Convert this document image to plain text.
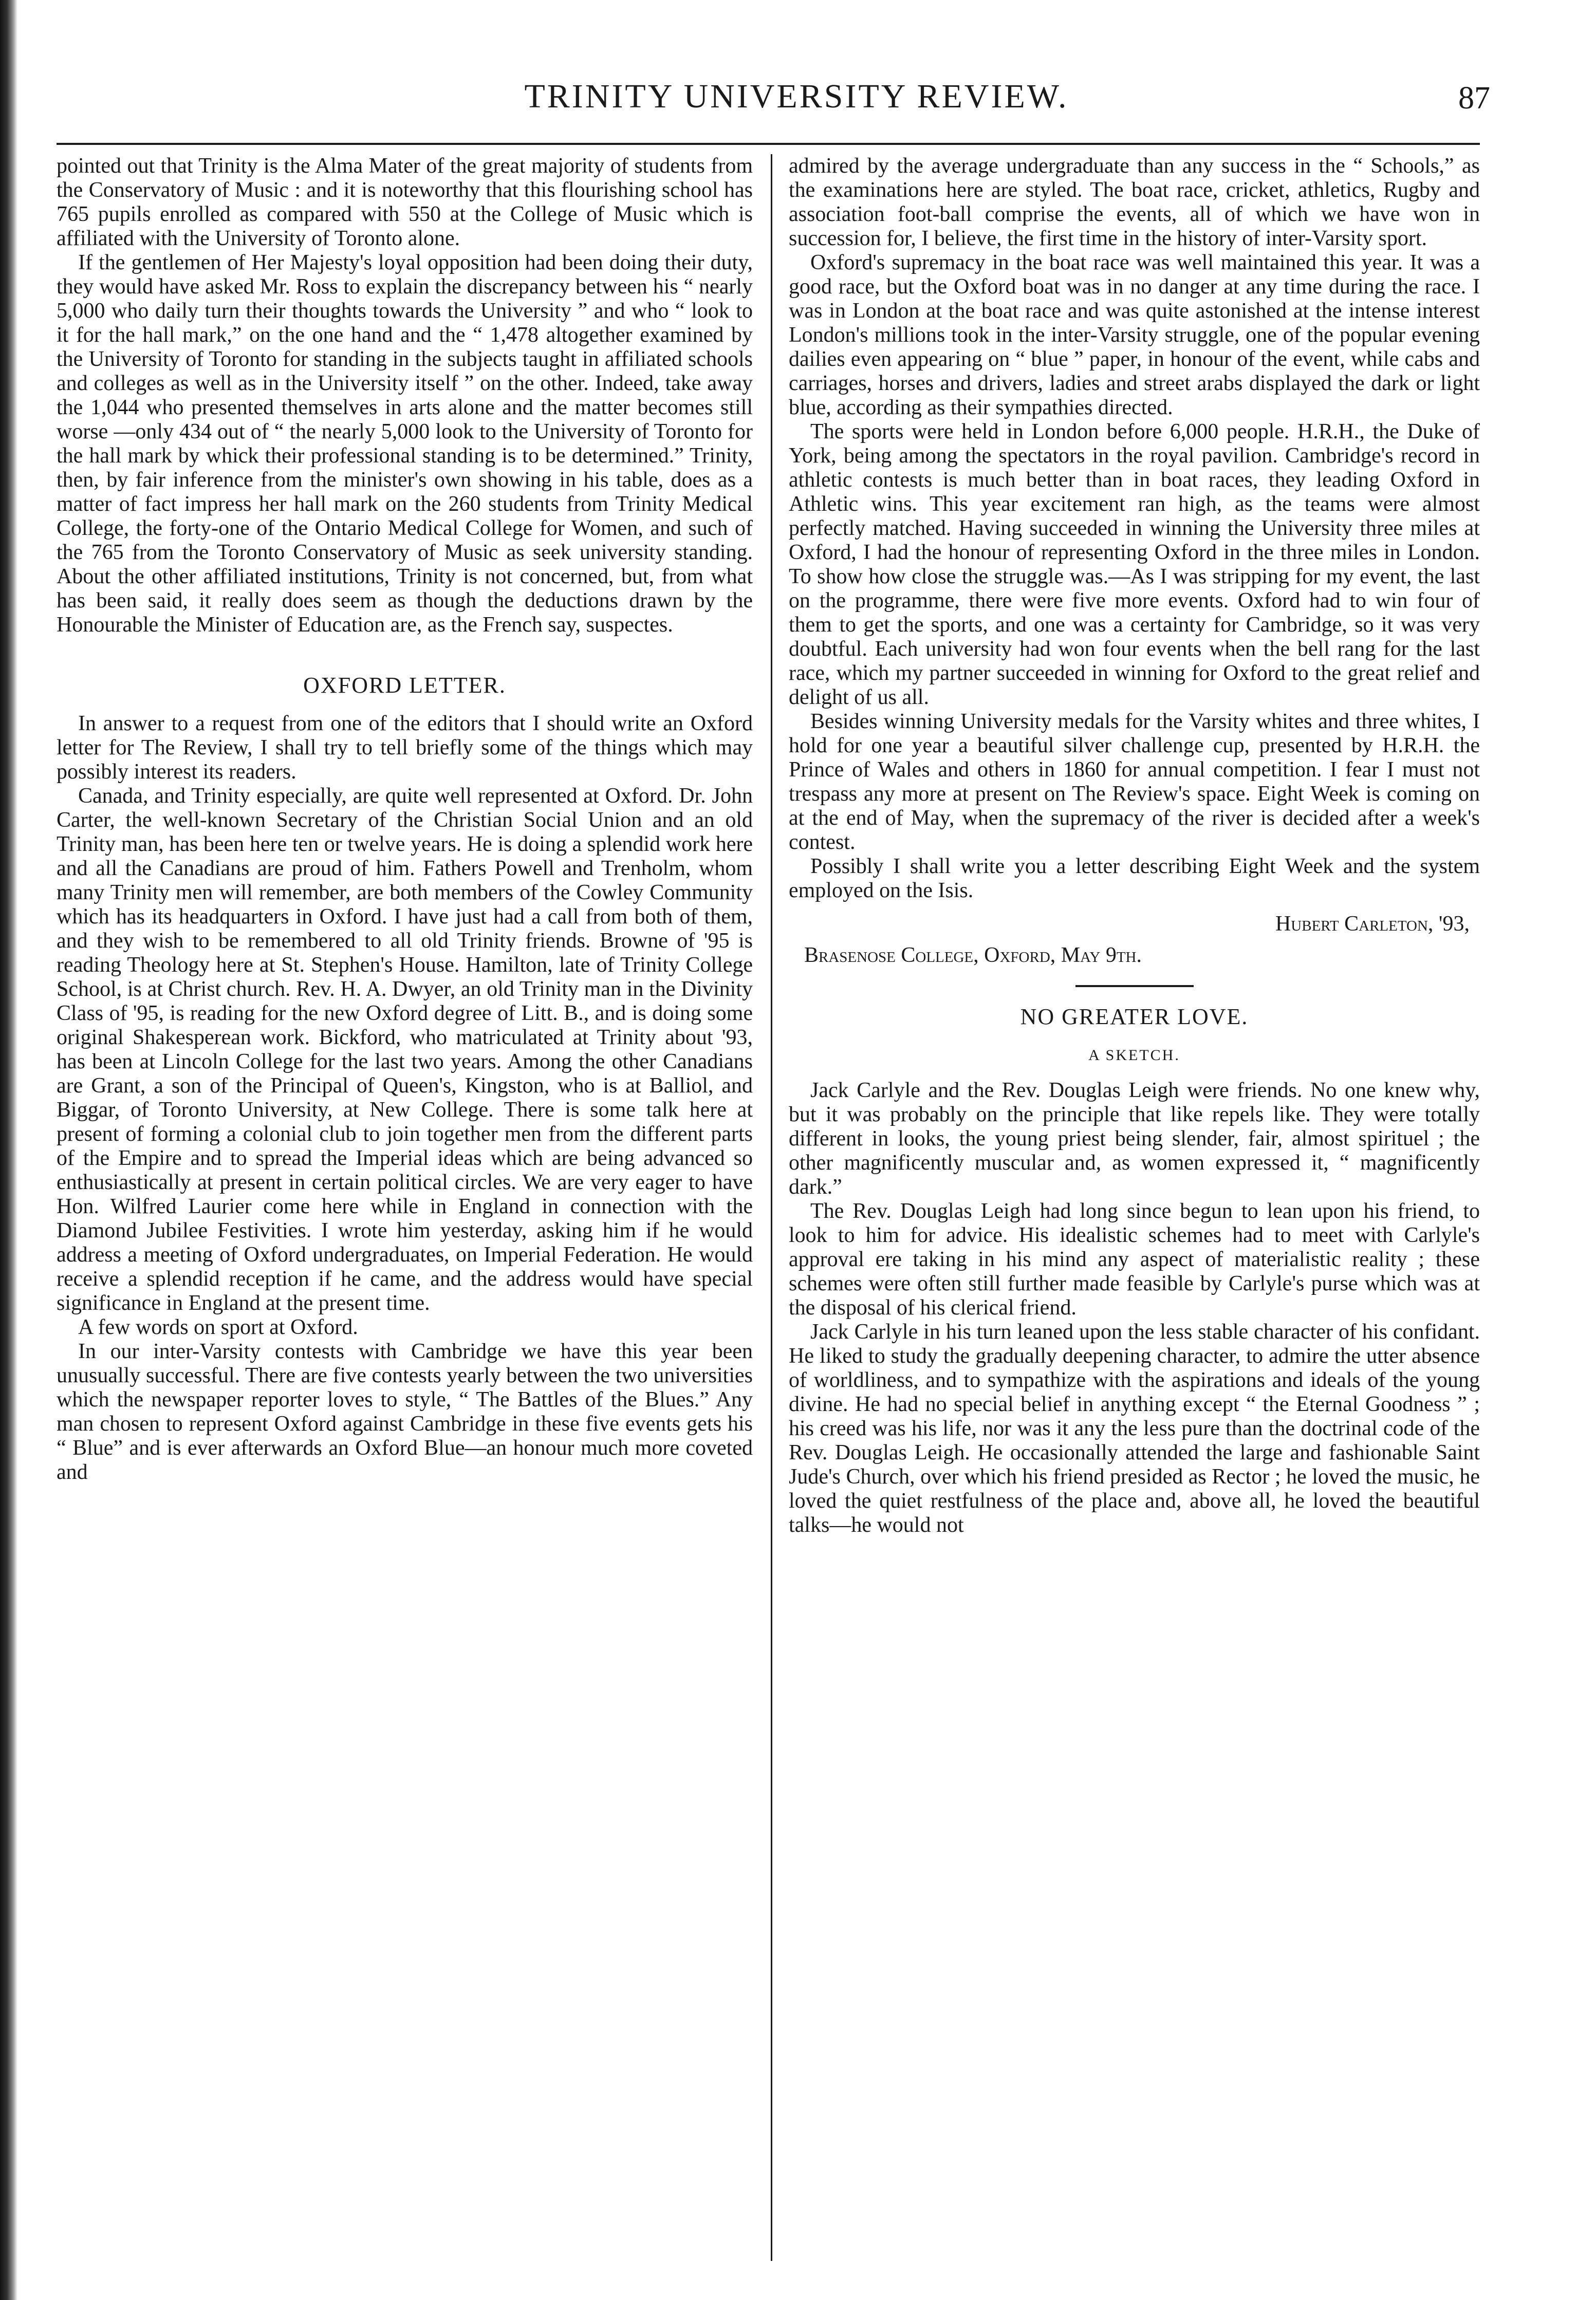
TRINITY UNIVERSITY REVIEW.	87

pointed out that Trinity is the Alma Mater of the great majority of students from the Conservatory of Music : and it is noteworthy that this flourishing school has 765 pupils enrolled as compared with 550 at the College of Music which is affiliated with the University of Toronto alone.

If the gentlemen of Her Majesty's loyal opposition had been doing their duty, they would have asked Mr. Ross to explain the discrepancy between his “ nearly 5,000 who daily turn their thoughts towards the University ” and who “ look to it for the hall mark,” on the one hand and the “ 1,478 altogether examined by the University of Toronto for standing in the subjects taught in affiliated schools and colleges as well as in the University itself ” on the other. Indeed, take away the 1,044 who presented themselves in arts alone and the matter becomes still worse —only 434 out of “ the nearly 5,000 look to the University of Toronto for the hall mark by whick their professional standing is to be determined.” Trinity, then, by fair inference from the minister's own showing in his table, does as a matter of fact impress her hall mark on the 260 students from Trinity Medical College, the forty-one of the Ontario Medical College for Women, and such of the 765 from the Toronto Conservatory of Music as seek university standing. About the other affiliated institutions, Trinity is not concerned, but, from what has been said, it really does seem as though the deductions drawn by the Honourable the Minister of Education are, as the French say, suspectes.

OXFORD LETTER.

In answer to a request from one of the editors that I should write an Oxford letter for The Review, I shall try to tell briefly some of the things which may possibly interest its readers.

Canada, and Trinity especially, are quite well represented at Oxford. Dr. John Carter, the well-known Secretary of the Christian Social Union and an old Trinity man, has been here ten or twelve years. He is doing a splendid work here and all the Canadians are proud of him. Fathers Powell and Trenholm, whom many Trinity men will remember, are both members of the Cowley Community which has its headquarters in Oxford. I have just had a call from both of them, and they wish to be remembered to all old Trinity friends. Browne of '95 is reading Theology here at St. Stephen's House. Hamilton, late of Trinity College School, is at Christ church. Rev. H. A. Dwyer, an old Trinity man in the Divinity Class of '95, is reading for the new Oxford degree of Litt. B., and is doing some original Shakesperean work. Bickford, who matriculated at Trinity about '93, has been at Lincoln College for the last two years. Among the other Canadians are Grant, a son of the Principal of Queen's, Kingston, who is at Balliol, and Biggar, of Toronto University, at New College. There is some talk here at present of forming a colonial club to join together men from the different parts of the Empire and to spread the Imperial ideas which are being advanced so enthusiastically at present in certain political circles. We are very eager to have Hon. Wilfred Laurier come here while in England in connection with the Diamond Jubilee Festivities. I wrote him yesterday, asking him if he would address a meeting of Oxford undergraduates, on Imperial Federation. He would receive a splendid reception if he came, and the address would have special significance in England at the present time.

A few words on sport at Oxford.

In our inter-Varsity contests with Cambridge we have this year been unusually successful. There are five contests yearly between the two universities which the newspaper reporter loves to style, “ The Battles of the Blues.” Any man chosen to represent Oxford against Cambridge in these five events gets his “ Blue” and is ever afterwards an Oxford Blue—an honour much more coveted and

admired by the average undergraduate than any success in the “ Schools,” as the examinations here are styled. The boat race, cricket, athletics, Rugby and association foot-ball comprise the events, all of which we have won in succession for, I believe, the first time in the history of inter-Varsity sport.

Oxford's supremacy in the boat race was well maintained this year. It was a good race, but the Oxford boat was in no danger at any time during the race. I was in London at the boat race and was quite astonished at the intense interest London's millions took in the inter-Varsity struggle, one of the popular evening dailies even appearing on “ blue ” paper, in honour of the event, while cabs and carriages, horses and drivers, ladies and street arabs displayed the dark or light blue, according as their sympathies directed.

The sports were held in London before 6,000 people. H.R.H., the Duke of York, being among the spectators in the royal pavilion. Cambridge's record in athletic contests is much better than in boat races, they leading Oxford in Athletic wins. This year excitement ran high, as the teams were almost perfectly matched. Having succeeded in winning the University three miles at Oxford, I had the honour of representing Oxford in the three miles in London. To show how close the struggle was.—As I was stripping for my event, the last on the programme, there were five more events. Oxford had to win four of them to get the sports, and one was a certainty for Cambridge, so it was very doubtful. Each university had won four events when the bell rang for the last race, which my partner succeeded in winning for Oxford to the great relief and delight of us all.

Besides winning University medals for the Varsity whites and three whites, I hold for one year a beautiful silver challenge cup, presented by H.R.H. the Prince of Wales and others in 1860 for annual competition. I fear I must not trespass any more at present on The Review's space. Eight Week is coming on at the end of May, when the supremacy of the river is decided after a week's contest.

Possibly I shall write you a letter describing Eight Week and the system employed on the Isis.

Hubert Carleton, '93,
Brasenose College, Oxford, May 9th.
NO GREATER LOVE.
A SKETCH.

Jack Carlyle and the Rev. Douglas Leigh were friends. No one knew why, but it was probably on the principle that like repels like. They were totally different in looks, the young priest being slender, fair, almost spirituel ; the other magnificently muscular and, as women expressed it, “ magnificently dark.”

The Rev. Douglas Leigh had long since begun to lean upon his friend, to look to him for advice. His idealistic schemes had to meet with Carlyle's approval ere taking in his mind any aspect of materialistic reality ; these schemes were often still further made feasible by Carlyle's purse which was at the disposal of his clerical friend.

Jack Carlyle in his turn leaned upon the less stable character of his confidant. He liked to study the gradually deepening character, to admire the utter absence of worldliness, and to sympathize with the aspirations and ideals of the young divine. He had no special belief in anything except “ the Eternal Goodness ” ; his creed was his life, nor was it any the less pure than the doctrinal code of the Rev. Douglas Leigh. He occasionally attended the large and fashionable Saint Jude's Church, over which his friend presided as Rector ; he loved the music, he loved the quiet restfulness of the place and, above all, he loved the beautiful talks—he would not
